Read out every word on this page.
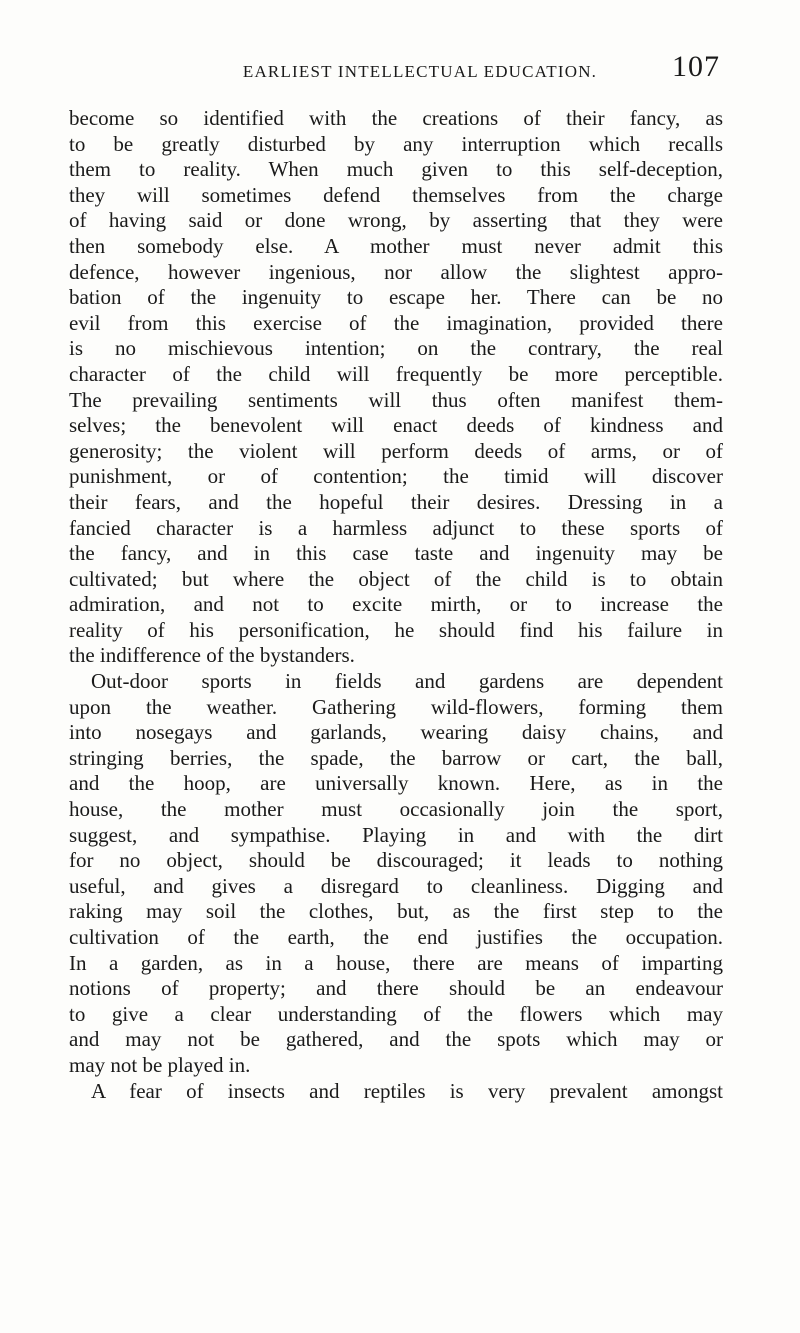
EARLIEST INTELLECTUAL EDUCATION.	107
become so identified with the creations of their fancy, as
to be greatly disturbed by any interruption which recalls
them to reality. When much given to this self-deception,
they will sometimes defend themselves from the charge
of having said or done wrong, by asserting that they were
then somebody else. A mother must never admit this
defence, however ingenious, nor allow the slightest appro-
bation of the ingenuity to escape her. There can be no
evil from this exercise of the imagination, provided there
is no mischievous intention; on the contrary, the real
character of the child will frequently be more perceptible.
The prevailing sentiments will thus often manifest them-
selves; the benevolent will enact deeds of kindness and
generosity; the violent will perform deeds of arms, or of
punishment, or of contention; the timid will discover
their fears, and the hopeful their desires. Dressing in a
fancied character is a harmless adjunct to these sports of
the fancy, and in this case taste and ingenuity may be
cultivated; but where the object of the child is to obtain
admiration, and not to excite mirth, or to increase the
reality of his personification, he should find his failure in
the indifference of the bystanders.
Out-door sports in fields and gardens are dependent
upon the weather. Gathering wild-flowers, forming them
into nosegays and garlands, wearing daisy chains, and
stringing berries, the spade, the barrow or cart, the ball,
and the hoop, are universally known. Here, as in the
house, the mother must occasionally join the sport,
suggest, and sympathise. Playing in and with the dirt
for no object, should be discouraged; it leads to nothing
useful, and gives a disregard to cleanliness. Digging and
raking may soil the clothes, but, as the first step to the
cultivation of the earth, the end justifies the occupation.
In a garden, as in a house, there are means of imparting
notions of property; and there should be an endeavour
to give a clear understanding of the flowers which may
and may not be gathered, and the spots which may or
may not be played in.
A fear of insects and reptiles is very prevalent amongst
